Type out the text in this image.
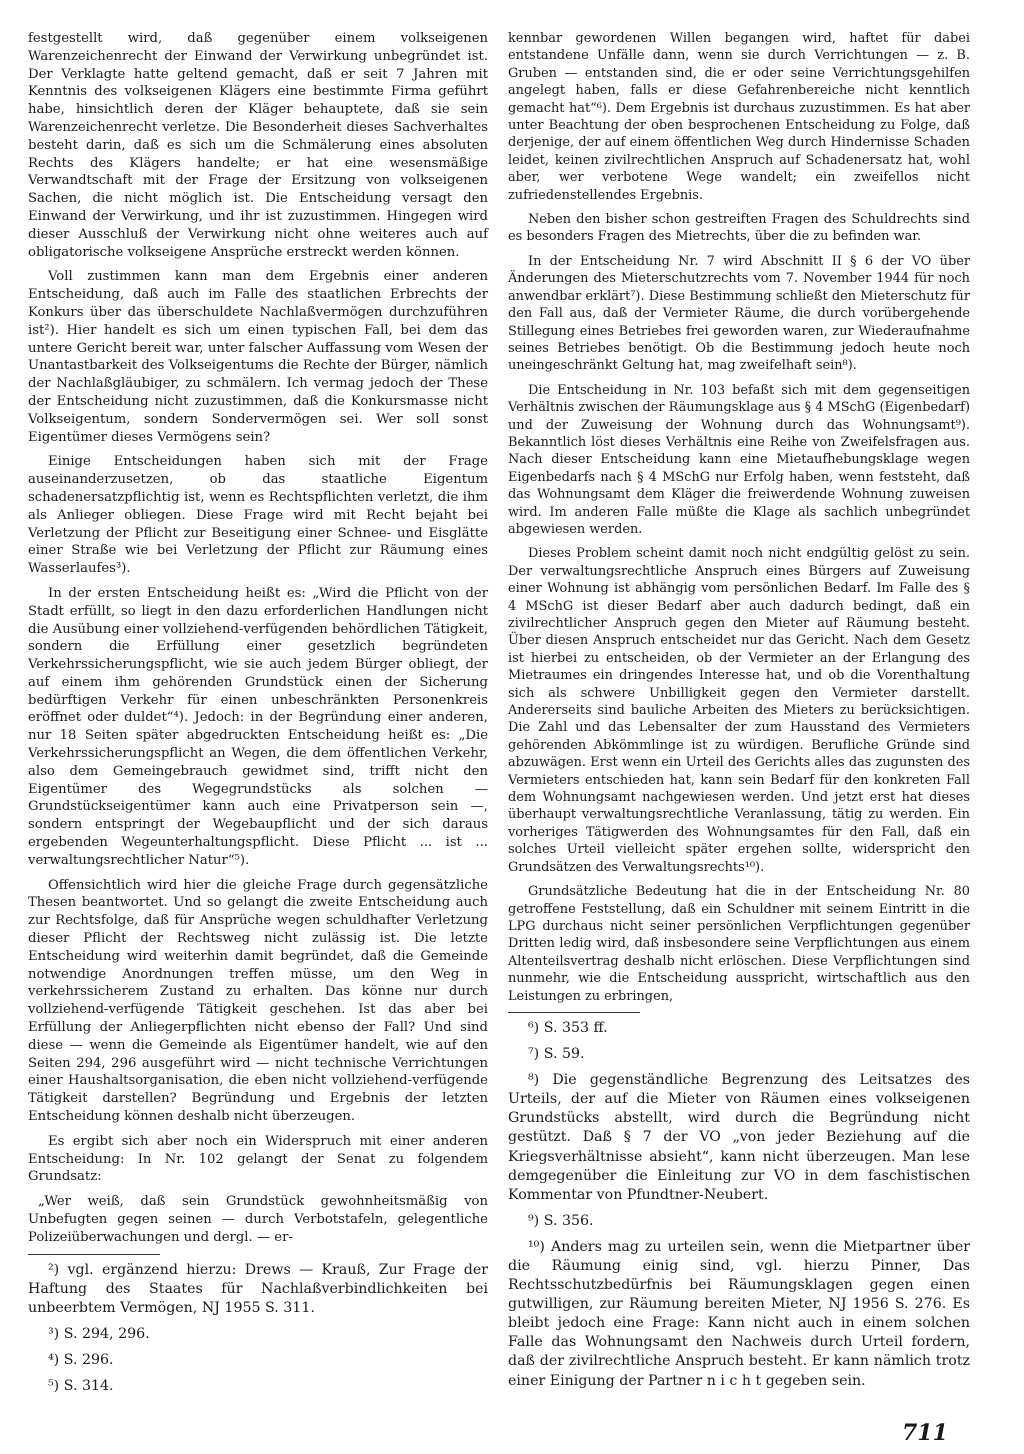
festgestellt wird, daß gegenüber einem volkseigenen Warenzeichenrecht der Einwand der Verwirkung unbegründet ist. Der Verklagte hatte geltend gemacht, daß er seit 7 Jahren mit Kenntnis des volkseigenen Klägers eine bestimmte Firma geführt habe, hinsichtlich deren der Kläger behauptete, daß sie sein Warenzeichenrecht verletze. Die Besonderheit dieses Sachverhaltes besteht darin, daß es sich um die Schmälerung eines absoluten Rechts des Klägers handelte; er hat eine wesensmäßige Verwandtschaft mit der Frage der Ersitzung von volkseigenen Sachen, die nicht möglich ist. Die Entscheidung versagt den Einwand der Verwirkung, und ihr ist zuzustimmen. Hingegen wird dieser Ausschluß der Verwirkung nicht ohne weiteres auch auf obligatorische volkseigene Ansprüche erstreckt werden können.

Voll zustimmen kann man dem Ergebnis einer anderen Entscheidung, daß auch im Falle des staatlichen Erbrechts der Konkurs über das überschuldete Nachlaßvermögen durchzuführen ist²). Hier handelt es sich um einen typischen Fall, bei dem das untere Gericht bereit war, unter falscher Auffassung vom Wesen der Unantastbarkeit des Volkseigentums die Rechte der Bürger, nämlich der Nachlaßgläubiger, zu schmälern. Ich vermag jedoch der These der Entscheidung nicht zuzustimmen, daß die Konkursmasse nicht Volkseigentum, sondern Sondervermögen sei. Wer soll sonst Eigentümer dieses Vermögens sein?

Einige Entscheidungen haben sich mit der Frage auseinanderzusetzen, ob das staatliche Eigentum schadenersatzpflichtig ist, wenn es Rechtspflichten verletzt, die ihm als Anlieger obliegen. Diese Frage wird mit Recht bejaht bei Verletzung der Pflicht zur Beseitigung einer Schnee- und Eisglätte einer Straße wie bei Verletzung der Pflicht zur Räumung eines Wasserlaufes³).

In der ersten Entscheidung heißt es: „Wird die Pflicht von der Stadt erfüllt, so liegt in den dazu erforderlichen Handlungen nicht die Ausübung einer vollziehend-verfügenden behördlichen Tätigkeit, sondern die Erfüllung einer gesetzlich begründeten Verkehrssicherungspflicht, wie sie auch jedem Bürger obliegt, der auf einem ihm gehörenden Grundstück einen der Sicherung bedürftigen Verkehr für einen unbeschränkten Personenkreis eröffnet oder duldet“⁴). Jedoch: in der Begründung einer anderen, nur 18 Seiten später abgedruckten Entscheidung heißt es: „Die Verkehrssicherungspflicht an Wegen, die dem öffentlichen Verkehr, also dem Gemeingebrauch gewidmet sind, trifft nicht den Eigentümer des Wegegrundstücks als solchen — Grundstückseigentümer kann auch eine Privatperson sein —, sondern entspringt der Wegebaupflicht und der sich daraus ergebenden Wegeunterhaltungspflicht. Diese Pflicht ... ist ... verwaltungsrechtlicher Natur“⁵).

Offensichtlich wird hier die gleiche Frage durch gegensätzliche Thesen beantwortet. Und so gelangt die zweite Entscheidung auch zur Rechtsfolge, daß für Ansprüche wegen schuldhafter Verletzung dieser Pflicht der Rechtsweg nicht zulässig ist. Die letzte Entscheidung wird weiterhin damit begründet, daß die Gemeinde notwendige Anordnungen treffen müsse, um den Weg in verkehrssicherem Zustand zu erhalten. Das könne nur durch vollziehend-verfügende Tätigkeit geschehen. Ist das aber bei Erfüllung der Anliegerpflichten nicht ebenso der Fall? Und sind diese — wenn die Gemeinde als Eigentümer handelt, wie auf den Seiten 294, 296 ausgeführt wird — nicht technische Verrichtungen einer Haushaltsorganisation, die eben nicht vollziehend-verfügende Tätigkeit darstellen? Begründung und Ergebnis der letzten Entscheidung können deshalb nicht überzeugen.

Es ergibt sich aber noch ein Widerspruch mit einer anderen Entscheidung: In Nr. 102 gelangt der Senat zu folgendem Grundsatz:

„Wer weiß, daß sein Grundstück gewohnheitsmäßig von Unbefugten gegen seinen — durch Verbotstafeln, gelegentliche Polizeiüberwachungen und dergl. — er-

²) vgl. ergänzend hierzu: Drews — Krauß, Zur Frage der Haftung des Staates für Nachlaßverbindlichkeiten bei unbeerbtem Vermögen, NJ 1955 S. 311.

³) S. 294, 296.

⁴) S. 296.

⁵) S. 314.

kennbar gewordenen Willen begangen wird, haftet für dabei entstandene Unfälle dann, wenn sie durch Verrichtungen — z. B. Gruben — entstanden sind, die er oder seine Verrichtungsgehilfen angelegt haben, falls er diese Gefahrenbereiche nicht kenntlich gemacht hat“⁶). Dem Ergebnis ist durchaus zuzustimmen. Es hat aber unter Beachtung der oben besprochenen Entscheidung zu Folge, daß derjenige, der auf einem öffentlichen Weg durch Hindernisse Schaden leidet, keinen zivilrechtlichen Anspruch auf Schadenersatz hat, wohl aber, wer verbotene Wege wandelt; ein zweifellos nicht zufriedenstellendes Ergebnis.

Neben den bisher schon gestreiften Fragen des Schuldrechts sind es besonders Fragen des Mietrechts, über die zu befinden war.

In der Entscheidung Nr. 7 wird Abschnitt II § 6 der VO über Änderungen des Mieterschutzrechts vom 7. November 1944 für noch anwendbar erklärt⁷). Diese Bestimmung schließt den Mieterschutz für den Fall aus, daß der Vermieter Räume, die durch vorübergehende Stillegung eines Betriebes frei geworden waren, zur Wiederaufnahme seines Betriebes benötigt. Ob die Bestimmung jedoch heute noch uneingeschränkt Geltung hat, mag zweifelhaft sein⁸).

Die Entscheidung in Nr. 103 befaßt sich mit dem gegenseitigen Verhältnis zwischen der Räumungsklage aus § 4 MSchG (Eigenbedarf) und der Zuweisung der Wohnung durch das Wohnungsamt⁹). Bekanntlich löst dieses Verhältnis eine Reihe von Zweifelsfragen aus. Nach dieser Entscheidung kann eine Mietaufhebungsklage wegen Eigenbedarfs nach § 4 MSchG nur Erfolg haben, wenn feststeht, daß das Wohnungsamt dem Kläger die freiwerdende Wohnung zuweisen wird. Im anderen Falle müßte die Klage als sachlich unbegründet abgewiesen werden.

Dieses Problem scheint damit noch nicht endgültig gelöst zu sein. Der verwaltungsrechtliche Anspruch eines Bürgers auf Zuweisung einer Wohnung ist abhängig vom persönlichen Bedarf. Im Falle des § 4 MSchG ist dieser Bedarf aber auch dadurch bedingt, daß ein zivilrechtlicher Anspruch gegen den Mieter auf Räumung besteht. Über diesen Anspruch entscheidet nur das Gericht. Nach dem Gesetz ist hierbei zu entscheiden, ob der Vermieter an der Erlangung des Mietraumes ein dringendes Interesse hat, und ob die Vorenthaltung sich als schwere Unbilligkeit gegen den Vermieter darstellt. Andererseits sind bauliche Arbeiten des Mieters zu berücksichtigen. Die Zahl und das Lebensalter der zum Hausstand des Vermieters gehörenden Abkömmlinge ist zu würdigen. Berufliche Gründe sind abzuwägen. Erst wenn ein Urteil des Gerichts alles das zugunsten des Vermieters entschieden hat, kann sein Bedarf für den konkreten Fall dem Wohnungsamt nachgewiesen werden. Und jetzt erst hat dieses überhaupt verwaltungsrechtliche Veranlassung, tätig zu werden. Ein vorheriges Tätigwerden des Wohnungsamtes für den Fall, daß ein solches Urteil vielleicht später ergehen sollte, widerspricht den Grundsätzen des Verwaltungsrechts¹⁰).

Grundsätzliche Bedeutung hat die in der Entscheidung Nr. 80 getroffene Feststellung, daß ein Schuldner mit seinem Eintritt in die LPG durchaus nicht seiner persönlichen Verpflichtungen gegenüber Dritten ledig wird, daß insbesondere seine Verpflichtungen aus einem Altenteilsvertrag deshalb nicht erlöschen. Diese Verpflichtungen sind nunmehr, wie die Entscheidung ausspricht, wirtschaftlich aus den Leistungen zu erbringen,

⁶) S. 353 ff.

⁷) S. 59.

⁸) Die gegenständliche Begrenzung des Leitsatzes des Urteils, der auf die Mieter von Räumen eines volkseigenen Grundstücks abstellt, wird durch die Begründung nicht gestützt. Daß § 7 der VO „von jeder Beziehung auf die Kriegsverhältnisse absieht“, kann nicht überzeugen. Man lese demgegenüber die Einleitung zur VO in dem faschistischen Kommentar von Pfundtner-Neubert.

⁹) S. 356.

¹⁰) Anders mag zu urteilen sein, wenn die Mietpartner über die Räumung einig sind, vgl. hierzu Pinner, Das Rechtsschutzbedürfnis bei Räumungsklagen gegen einen gutwilligen, zur Räumung bereiten Mieter, NJ 1956 S. 276. Es bleibt jedoch eine Frage: Kann nicht auch in einem solchen Falle das Wohnungsamt den Nachweis durch Urteil fordern, daß der zivilrechtliche Anspruch besteht. Er kann nämlich trotz einer Einigung der Partner n i c h t gegeben sein.

711
